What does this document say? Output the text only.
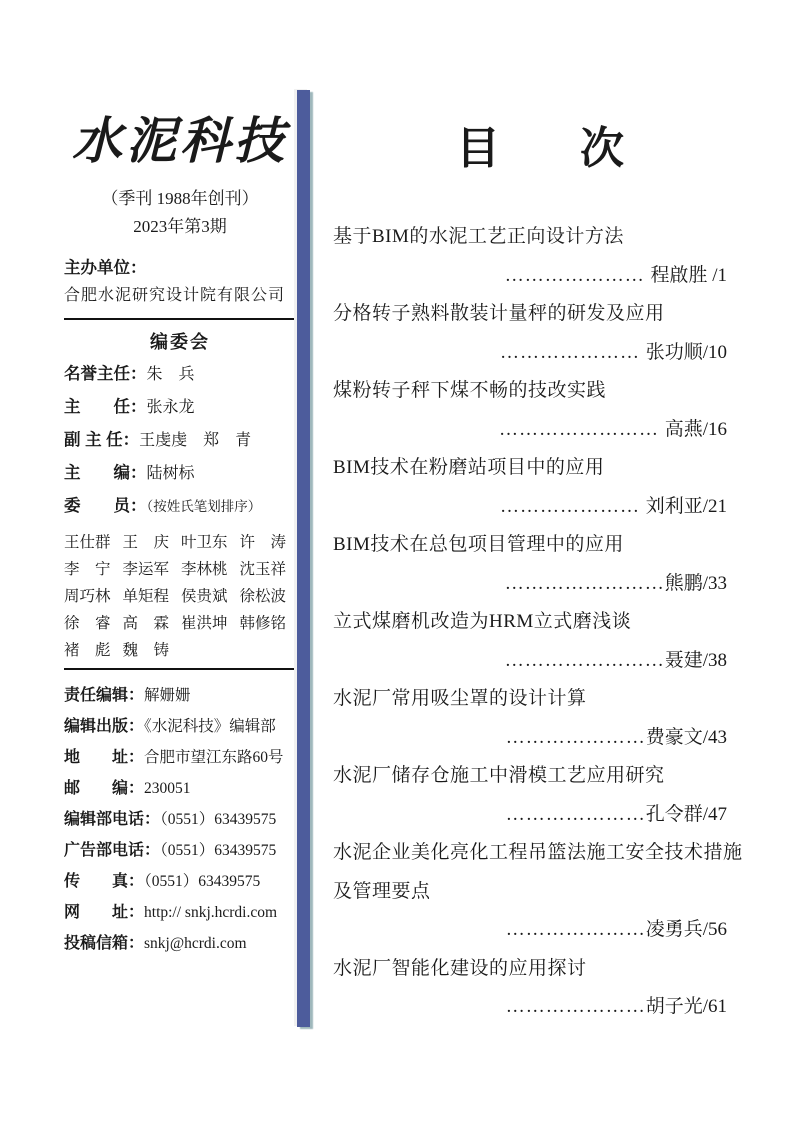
水泥科技
（季刊 1988年创刊）
2023年第3期
主办单位：
合肥水泥研究设计院有限公司
编委会
名誉主任：朱　兵
主　　任：张永龙
副 主 任：王虔虔　郑　青
主　　编：陆树标
委　　员：（按姓氏笔划排序）
王仕群 王　庆 叶卫东 许　涛
李　宁 李运军 李林桃 沈玉祥
周巧林 单矩程 侯贵斌 徐松波
徐　睿 高　霖 崔洪坤 韩修铭
褚　彪 魏　铸
责任编辑：解姗姗
编辑出版：《水泥科技》编辑部
地　　址：合肥市望江东路60号
邮　　编：230051
编辑部电话：（0551）63439575
广告部电话：（0551）63439575
传　　真：（0551）63439575
网　　址：http:// snkj.hcrdi.com
投稿信箱：snkj@hcrdi.com
目　次
基于BIM的水泥工艺正向设计方法
………………… 程啟胜 /1
分格转子熟料散装计量秤的研发及应用
………………… 张功顺/10
煤粉转子秤下煤不畅的技改实践
…………………… 高燕/16
BIM技术在粉磨站项目中的应用
………………… 刘利亚/21
BIM技术在总包项目管理中的应用
……………………熊鹏/33
立式煤磨机改造为HRM立式磨浅谈
……………………聂建/38
水泥厂常用吸尘罩的设计计算
…………………费豪文/43
水泥厂储存仓施工中滑模工艺应用研究
…………………孔令群/47
水泥企业美化亮化工程吊篮法施工安全技术措施
及管理要点
…………………凌勇兵/56
水泥厂智能化建设的应用探讨
…………………胡子光/61
